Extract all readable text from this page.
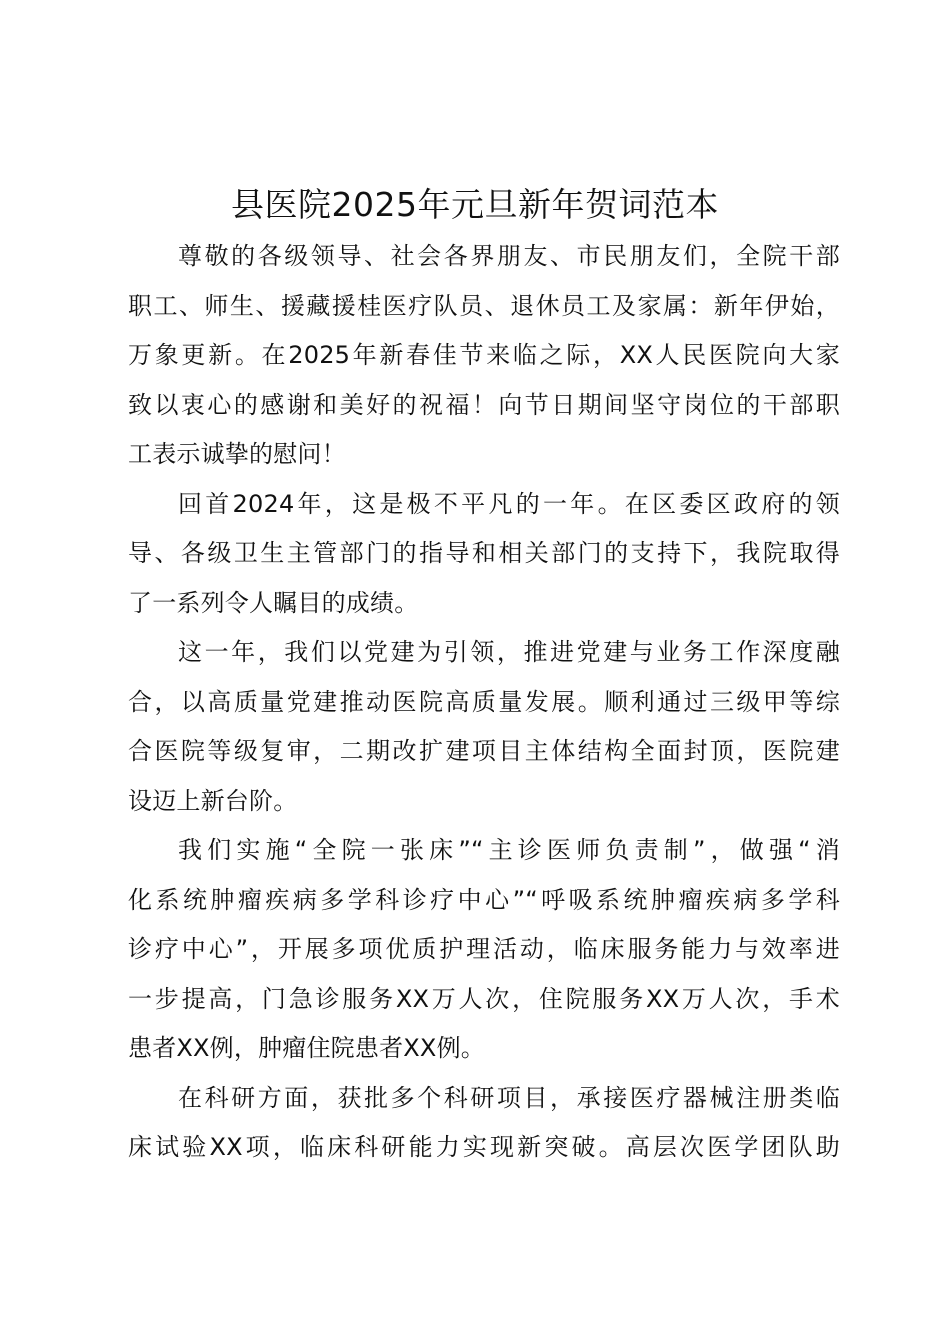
县医院2025年元旦新年贺词范本
尊敬的各级领导、社会各界朋友、市民朋友们，全院干部
职工、师生、援藏援桂医疗队员、退休员工及家属：新年伊始，
万象更新。在2025年新春佳节来临之际，XX人民医院向大家
致以衷心的感谢和美好的祝福！向节日期间坚守岗位的干部职
工表示诚挚的慰问！
回首2024年，这是极不平凡的一年。在区委区政府的领
导、各级卫生主管部门的指导和相关部门的支持下，我院取得
了一系列令人瞩目的成绩。
这一年，我们以党建为引领，推进党建与业务工作深度融
合，以高质量党建推动医院高质量发展。顺利通过三级甲等综
合医院等级复审，二期改扩建项目主体结构全面封顶，医院建
设迈上新台阶。
我们实施“全院一张床”“主诊医师负责制”，做强“消
化系统肿瘤疾病多学科诊疗中心”“呼吸系统肿瘤疾病多学科
诊疗中心”，开展多项优质护理活动，临床服务能力与效率进
一步提高，门急诊服务XX万人次，住院服务XX万人次，手术
患者XX例，肿瘤住院患者XX例。
在科研方面，获批多个科研项目，承接医疗器械注册类临
床试验XX项，临床科研能力实现新突破。高层次医学团队助
